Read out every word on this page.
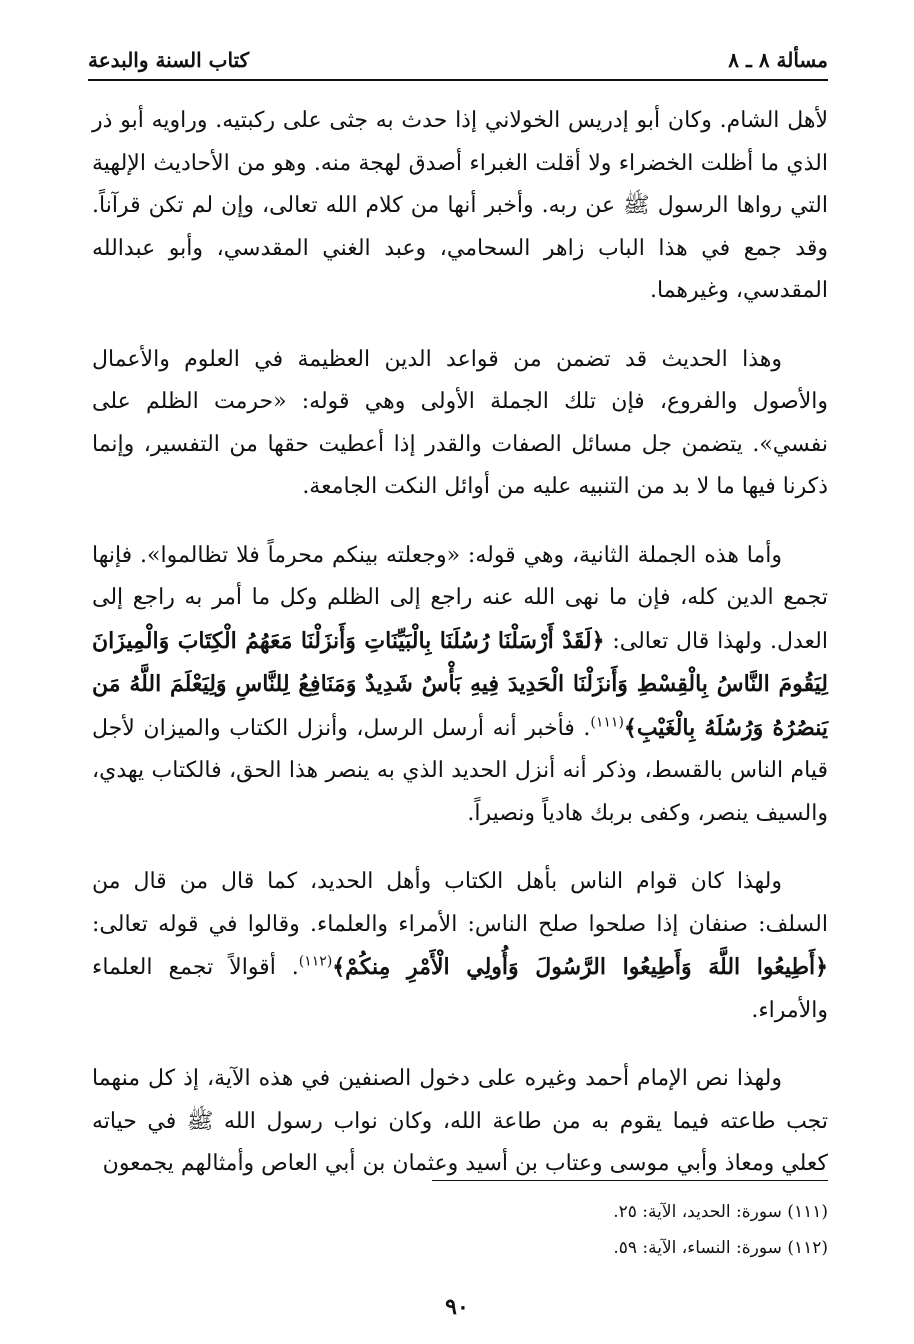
مسألة ٨ ـ ٨
كتاب السنة والبدعة

لأهل الشام. وكان أبو إدريس الخولاني إذا حدث به جثى على ركبتيه. وراويه أبو ذر الذي ما أظلت الخضراء ولا أقلت الغبراء أصدق لهجة منه. وهو من الأحاديث الإلهية التي رواها الرسول ﷺ عن ربه. وأخبر أنها من كلام الله تعالى، وإن لم تكن قرآناً. وقد جمع في هذا الباب زاهر السحامي، وعبد الغني المقدسي، وأبو عبدالله المقدسي، وغيرهما.

وهذا الحديث قد تضمن من قواعد الدين العظيمة في العلوم والأعمال والأصول والفروع، فإن تلك الجملة الأولى وهي قوله: «حرمت الظلم على نفسي». يتضمن جل مسائل الصفات والقدر إذا أعطيت حقها من التفسير، وإنما ذكرنا فيها ما لا بد من التنبيه عليه من أوائل النكت الجامعة.

وأما هذه الجملة الثانية، وهي قوله: «وجعلته بينكم محرماً فلا تظالموا». فإنها تجمع الدين كله، فإن ما نهى الله عنه راجع إلى الظلم وكل ما أمر به راجع إلى العدل. ولهذا قال تعالى: ﴿لَقَدْ أَرْسَلْنَا رُسُلَنَا بِالْبَيِّنَاتِ وَأَنزَلْنَا مَعَهُمُ الْكِتَابَ وَالْمِيزَانَ لِيَقُومَ النَّاسُ بِالْقِسْطِ وَأَنزَلْنَا الْحَدِيدَ فِيهِ بَأْسٌ شَدِيدٌ وَمَنَافِعُ لِلنَّاسِ وَلِيَعْلَمَ اللَّهُ مَن يَنصُرُهُ وَرُسُلَهُ بِالْغَيْبِ﴾$^{(١١١)}$. فأخبر أنه أرسل الرسل، وأنزل الكتاب والميزان لأجل قيام الناس بالقسط، وذكر أنه أنزل الحديد الذي به ينصر هذا الحق، فالكتاب يهدي، والسيف ينصر، وكفى بربك هادياً ونصيراً.

ولهذا كان قوام الناس بأهل الكتاب وأهل الحديد، كما قال من قال من السلف: صنفان إذا صلحوا صلح الناس: الأمراء والعلماء. وقالوا في قوله تعالى: ﴿أَطِيعُوا اللَّهَ وَأَطِيعُوا الرَّسُولَ وَأُولِي الْأَمْرِ مِنكُمْ﴾$^{(١١٢)}$. أقوالاً تجمع العلماء والأمراء.

ولهذا نص الإمام أحمد وغيره على دخول الصنفين في هذه الآية، إذ كل منهما تجب طاعته فيما يقوم به من طاعة الله، وكان نواب رسول الله ﷺ في حياته كعلي ومعاذ وأبي موسى وعتاب بن أسيد وعثمان بن أبي العاص وأمثالهم يجمعون

(١١١) سورة: الحديد، الآية: ٢٥.

(١١٢) سورة: النساء، الآية: ٥٩.

٩٠
